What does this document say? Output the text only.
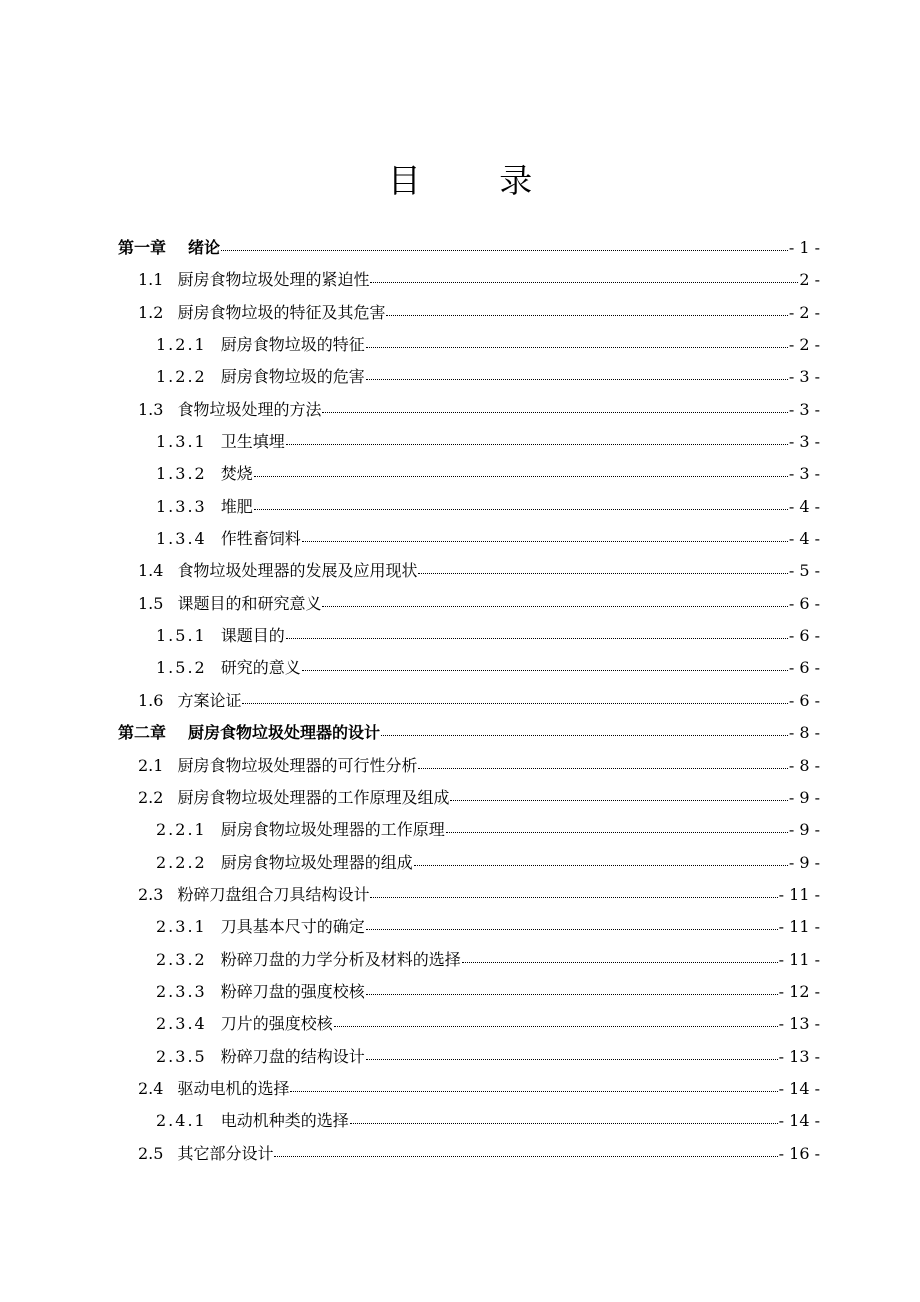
目 录
第一章 绪论	- 1 -
1.1 厨房食物垃圾处理的紧迫性	2 -
1.2 厨房食物垃圾的特征及其危害	- 2 -
1.2.1 厨房食物垃圾的特征	- 2 -
1.2.2 厨房食物垃圾的危害	- 3 -
1.3 食物垃圾处理的方法	- 3 -
1.3.1 卫生填埋	- 3 -
1.3.2 焚烧	- 3 -
1.3.3 堆肥	- 4 -
1.3.4 作牲畜饲料	- 4 -
1.4 食物垃圾处理器的发展及应用现状	- 5 -
1.5 课题目的和研究意义	- 6 -
1.5.1 课题目的	- 6 -
1.5.2 研究的意义	- 6 -
1.6 方案论证	- 6 -
第二章 厨房食物垃圾处理器的设计	- 8 -
2.1 厨房食物垃圾处理器的可行性分析	- 8 -
2.2 厨房食物垃圾处理器的工作原理及组成	- 9 -
2.2.1 厨房食物垃圾处理器的工作原理	- 9 -
2.2.2 厨房食物垃圾处理器的组成	- 9 -
2.3 粉碎刀盘组合刀具结构设计	- 11 -
2.3.1 刀具基本尺寸的确定	- 11 -
2.3.2 粉碎刀盘的力学分析及材料的选择	- 11 -
2.3.3 粉碎刀盘的强度校核	- 12 -
2.3.4 刀片的强度校核	- 13 -
2.3.5 粉碎刀盘的结构设计	- 13 -
2.4 驱动电机的选择	- 14 -
2.4.1 电动机种类的选择	- 14 -
2.5 其它部分设计	- 16 -
